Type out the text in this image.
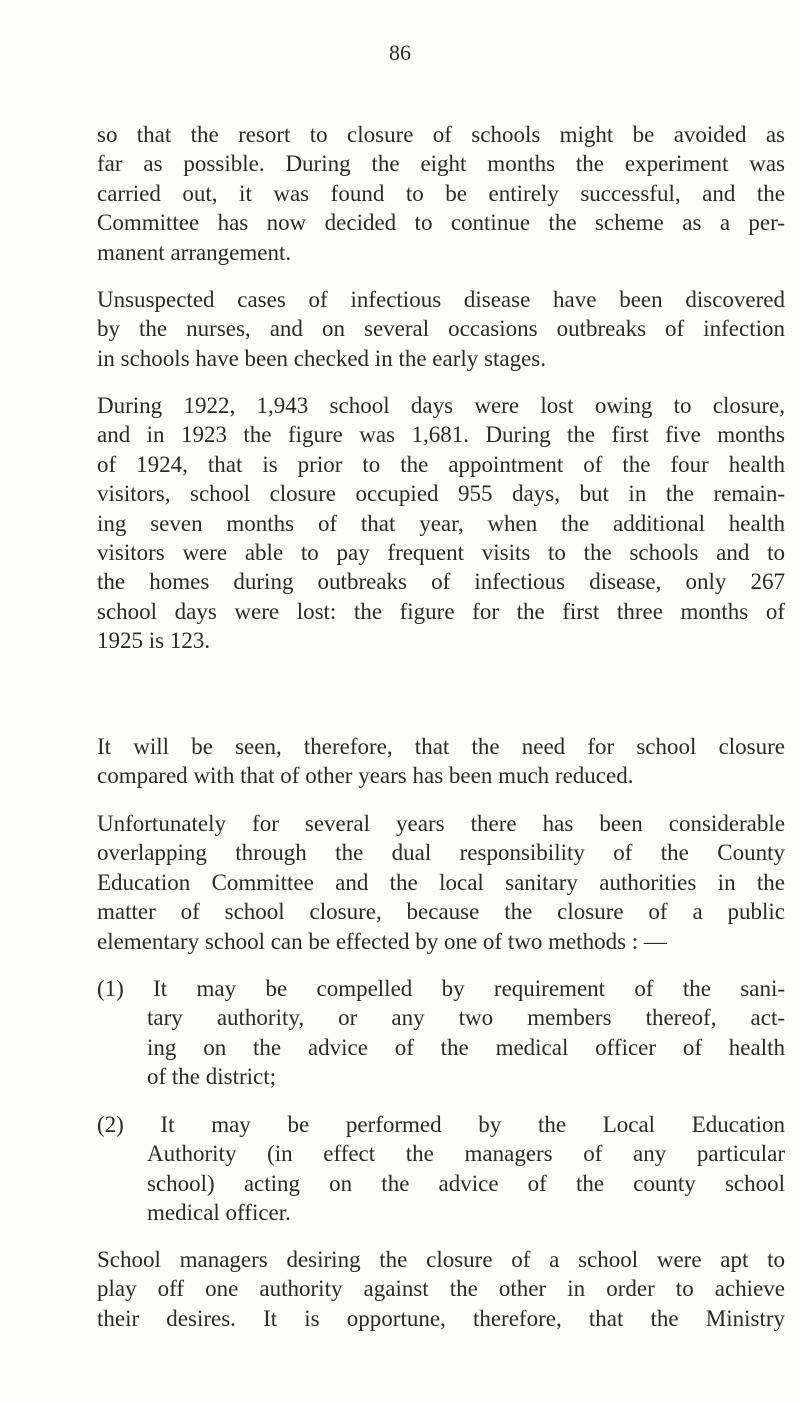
86
so that the resort to closure of schools might be avoided as
far as possible. During the eight months the experiment was
carried out, it was found to be entirely successful, and the
Committee has now decided to continue the scheme as a per-
manent arrangement.
Unsuspected cases of infectious disease have been discovered
by the nurses, and on several occasions outbreaks of infection
in schools have been checked in the early stages.
During 1922, 1,943 school days were lost owing to closure,
and in 1923 the figure was 1,681. During the first five months
of 1924, that is prior to the appointment of the four health
visitors, school closure occupied 955 days, but in the remain-
ing seven months of that year, when the additional health
visitors were able to pay frequent visits to the schools and to
the homes during outbreaks of infectious disease, only 267
school days were lost: the figure for the first three months of
1925 is 123.
It will be seen, therefore, that the need for school closure
compared with that of other years has been much reduced.
Unfortunately for several years there has been considerable
overlapping through the dual responsibility of the County
Education Committee and the local sanitary authorities in the
matter of school closure, because the closure of a public
elementary school can be effected by one of two methods : —
(1) It may be compelled by requirement of the sani-
tary authority, or any two members thereof, act-
ing on the advice of the medical officer of health
of the district;
(2) It may be performed by the Local Education
Authority (in effect the managers of any particular
school) acting on the advice of the county school
medical officer.
School managers desiring the closure of a school were apt to
play off one authority against the other in order to achieve
their desires. It is opportune, therefore, that the Ministry
